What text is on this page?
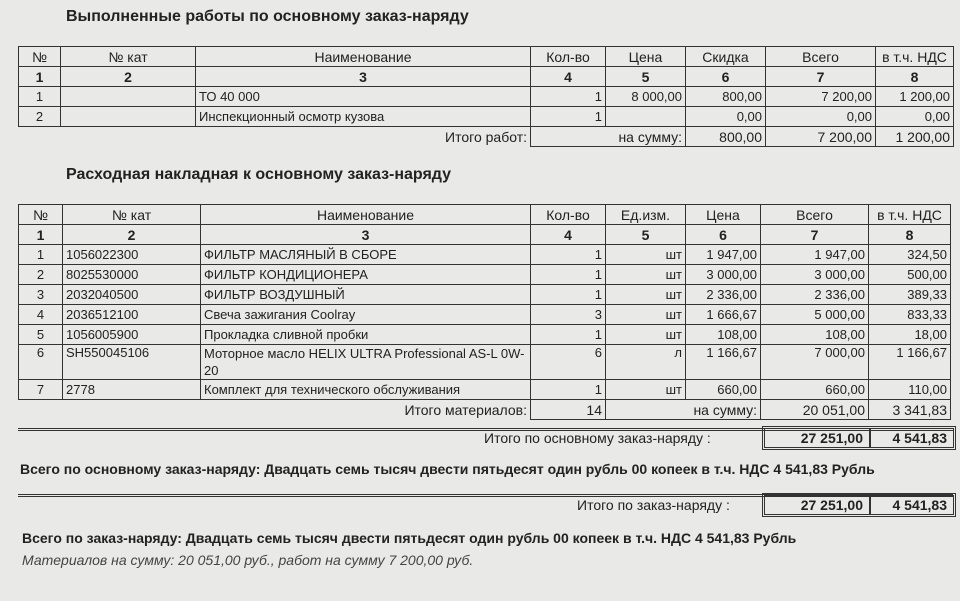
Выполненные работы по основному заказ-наряду
№	№ кат	Наименование	Кол-во	Цена	Скидка	Всего	в т.ч. НДС
1	2	3	4	5	6	7	8
1		ТО 40 000	1	8 000,00	800,00	7 200,00	1 200,00
2		Инспекционный осмотр кузова	1		0,00	0,00	0,00
Итого работ:			на сумму:		800,00	7 200,00	1 200,00
Расходная накладная к основному заказ-наряду
№	№ кат	Наименование	Кол-во	Ед.изм.	Цена	Всего	в т.ч. НДС
1	2	3	4	5	6	7	8
1	1056022300	ФИЛЬТР МАСЛЯНЫЙ В СБОРЕ	1	шт	1 947,00	1 947,00	324,50
2	8025530000	ФИЛЬТР КОНДИЦИОНЕРА	1	шт	3 000,00	3 000,00	500,00
3	2032040500	ФИЛЬТР ВОЗДУШНЫЙ	1	шт	2 336,00	2 336,00	389,33
4	2036512100	Свеча зажигания Coolray	3	шт	1 666,67	5 000,00	833,33
5	1056005900	Прокладка сливной пробки	1	шт	108,00	108,00	18,00
6	SH550045106	Моторное масло HELIX ULTRA Professional AS-L 0W-20	6	л	1 166,67	7 000,00	1 166,67
7	2778	Комплект для технического обслуживания	1	шт	660,00	660,00	110,00
Итого материалов:			14	на сумму:		20 051,00	3 341,83
Итого по основному заказ-наряду :	27 251,00	4 541,83
Всего по основному заказ-наряду: Двадцать семь тысяч двести пятьдесят один рубль 00 копеек в т.ч. НДС 4 541,83 Рубль
Итого по заказ-наряду :	27 251,00	4 541,83
Всего по заказ-наряду: Двадцать семь тысяч двести пятьдесят один рубль 00 копеек в т.ч. НДС 4 541,83 Рубль
Материалов на сумму: 20 051,00 руб., работ на сумму 7 200,00 руб.
